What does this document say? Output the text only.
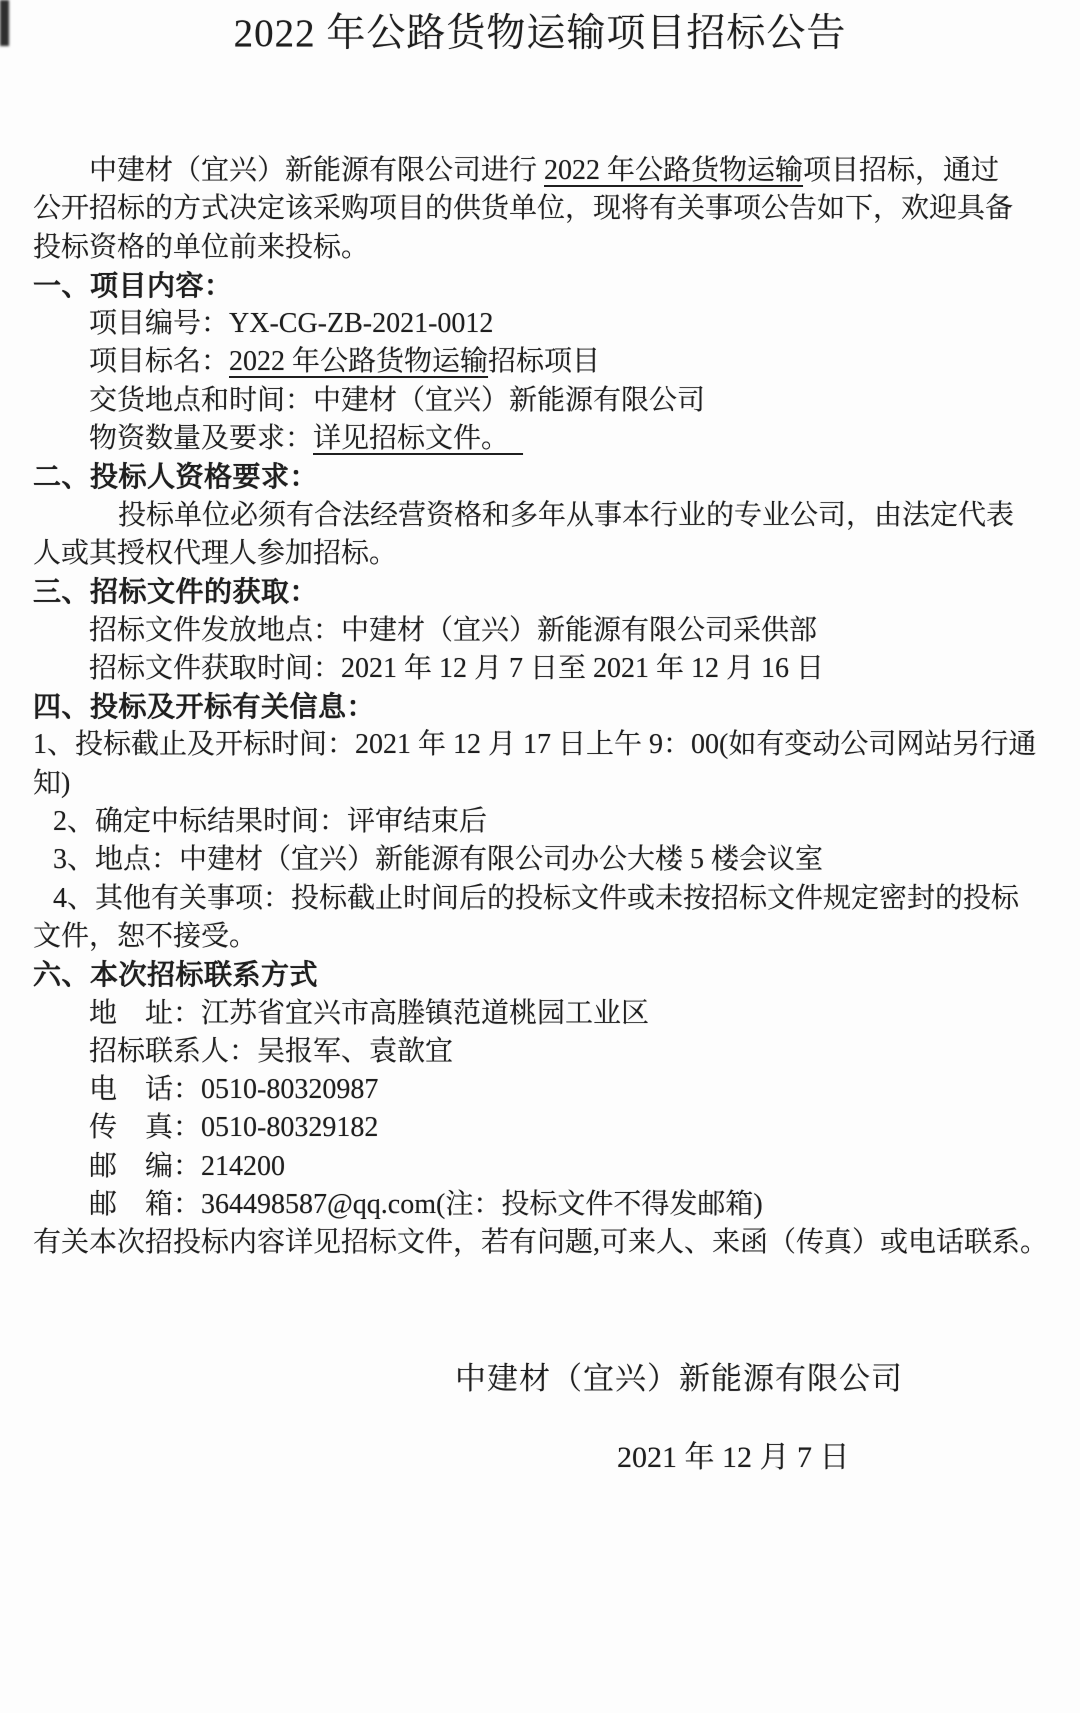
2022 年公路货物运输项目招标公告
中建材（宜兴）新能源有限公司进行 2022 年公路货物运输项目招标，通过
公开招标的方式决定该采购项目的供货单位，现将有关事项公告如下，欢迎具备
投标资格的单位前来投标。
一、项目内容：
项目编号：YX-CG-ZB-2021-0012
项目标名：2022 年公路货物运输招标项目
交货地点和时间：中建材（宜兴）新能源有限公司
物资数量及要求：详见招标文件。　
二、投标人资格要求：
投标单位必须有合法经营资格和多年从事本行业的专业公司，由法定代表
人或其授权代理人参加招标。
三、招标文件的获取：
招标文件发放地点：中建材（宜兴）新能源有限公司采供部
招标文件获取时间：2021 年 12 月 7 日至 2021 年 12 月 16 日
四、投标及开标有关信息：
1、投标截止及开标时间：2021 年 12 月 17 日上午 9：00(如有变动公司网站另行通
知)
2、确定中标结果时间：评审结束后
3、地点：中建材（宜兴）新能源有限公司办公大楼 5 楼会议室
4、其他有关事项：投标截止时间后的投标文件或未按招标文件规定密封的投标
文件，恕不接受。
六、本次招标联系方式
地　址：江苏省宜兴市高塍镇范道桃园工业区
招标联系人：吴报军、袁歆宜
电　话：0510-80320987
传　真：0510-80329182
邮　编：214200
邮　箱：364498587@qq.com(注：投标文件不得发邮箱)
有关本次招投标内容详见招标文件，若有问题,可来人、来函（传真）或电话联系。
中建材（宜兴）新能源有限公司
2021 年 12 月 7 日
